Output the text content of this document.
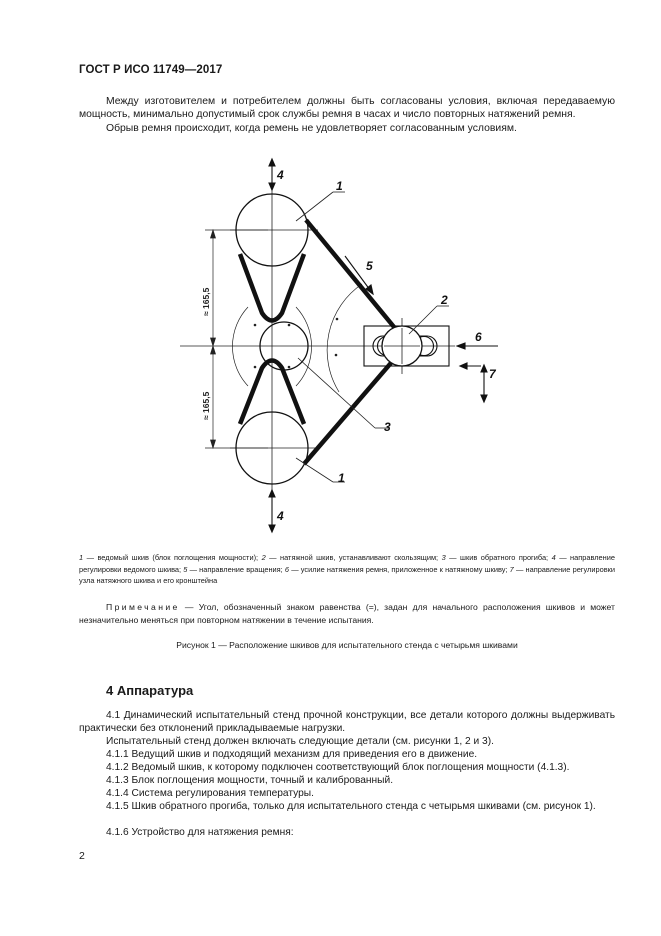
ГОСТ Р ИСО 11749—2017
Между изготовителем и потребителем должны быть согласованы условия, включая передаваемую мощность, минимально допустимый срок службы ремня в часах и число повторных натяжений ремня.
Обрыв ремня происходит, когда ремень не удовлетворяет согласованным условиям.
≈ 165,5
≈ 165,5
1
2
3
1
4
4
5
6
7
1 — ведомый шкив (блок поглощения мощности); 2 — натяжной шкив, устанавливают скользящим; 3 — шкив обратного прогиба; 4 — направление регулировки ведомого шкива; 5 — направление вращения; 6 — усилие натяжения ремня, приложенное к натяжному шкиву; 7 — направление регулировки узла натяжного шкива и его кронштейна
Примечание — Угол, обозначенный знаком равенства (=), задан для начального расположения шкивов и может незначительно меняться при повторном натяжении в течение испытания.
Рисунок 1 — Расположение шкивов для испытательного стенда с четырьмя шкивами
4 Аппаратура
4.1 Динамический испытательный стенд прочной конструкции, все детали которого должны выдерживать практически без отклонений прикладываемые нагрузки.
Испытательный стенд должен включать следующие детали (см. рисунки 1, 2 и 3).
4.1.1 Ведущий шкив и подходящий механизм для приведения его в движение.
4.1.2 Ведомый шкив, к которому подключен соответствующий блок поглощения мощности (4.1.3).
4.1.3 Блок поглощения мощности, точный и калиброванный.
4.1.4 Система регулирования температуры.
4.1.5 Шкив обратного прогиба, только для испытательного стенда с четырьмя шкивами (см. рисунок 1).
4.1.6 Устройство для натяжения ремня:
2
